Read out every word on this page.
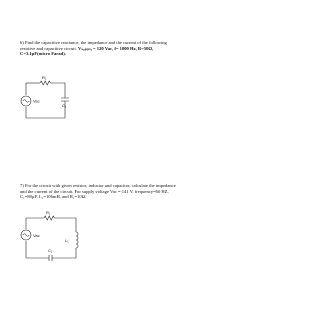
6) Find the capacitive reactance, the impedance and the current of the following resistive and capacitive circuit. Vₛᵤₚₚₗᵧ = 120 Vac, f= 1000 Hz, R=50Ω, C=3.1µF(micro Farad).

R₁
Vac
C₁

7) For the circuit with given resistor, inductor and capacitor, calculate the impedance and the current of the circuit. For supply voltage Vac = 141 V, frequency=60 HZ, C₁=88µF, L₁=106mH, and R₁=10Ω.

R₁
Vac
L₁
C₁
